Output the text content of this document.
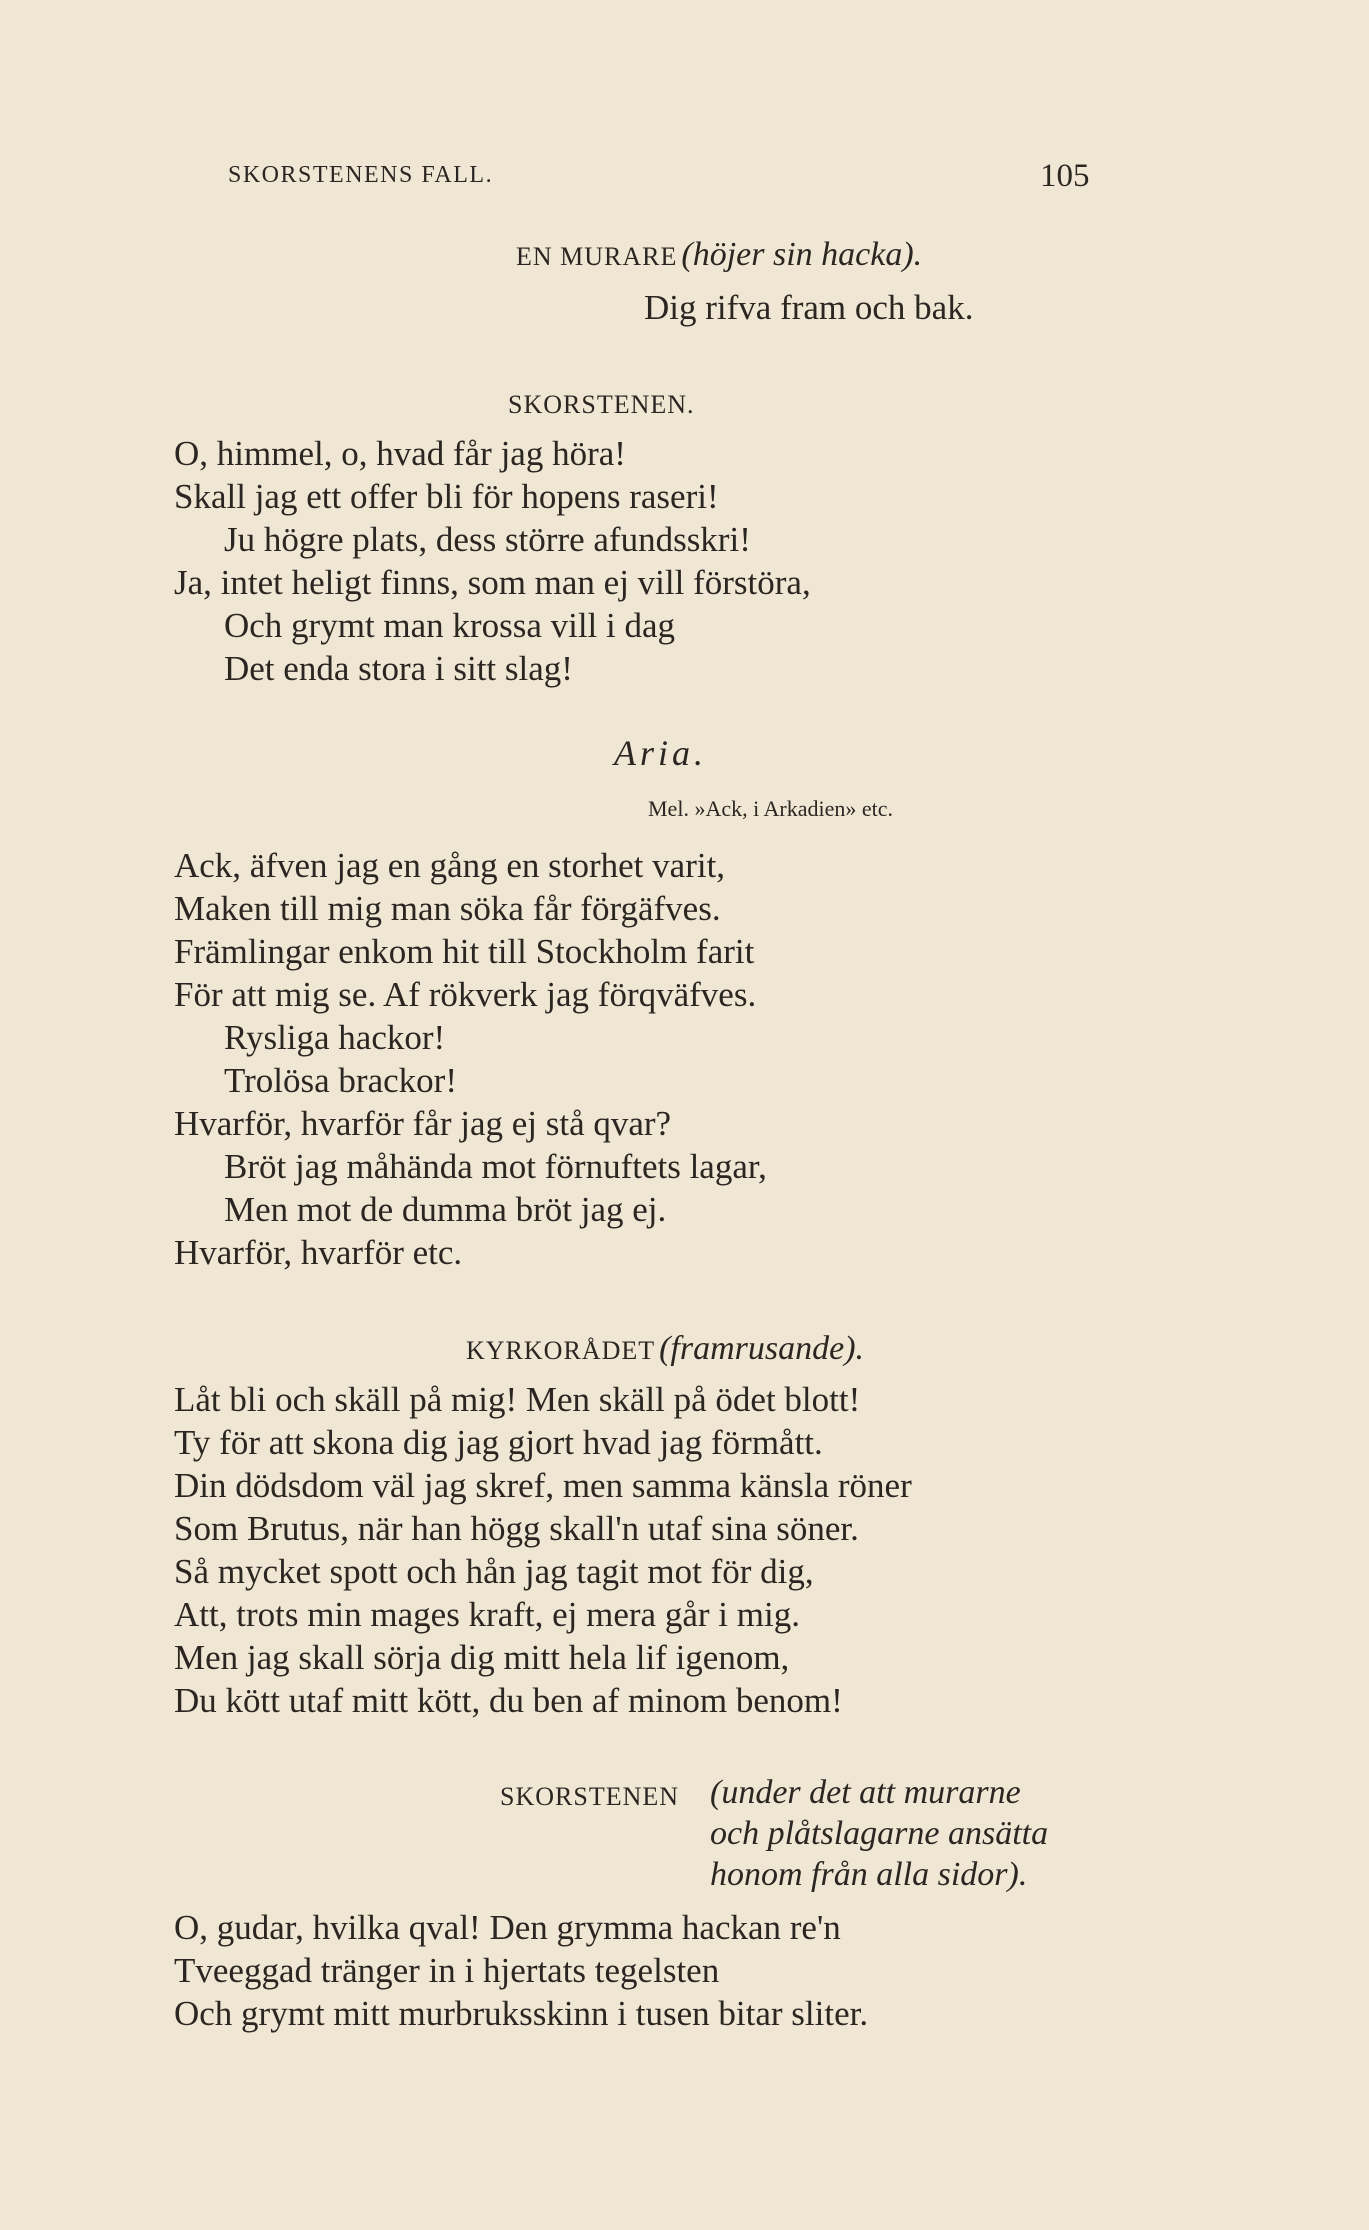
SKORSTENENS FALL.	105
EN MURARE (höjer sin hacka).
Dig rifva fram och bak.
SKORSTENEN.
O, himmel, o, hvad får jag höra!
Skall jag ett offer bli för hopens raseri!
Ju högre plats, dess större afundsskri!
Ja, intet heligt finns, som man ej vill förstöra,
Och grymt man krossa vill i dag
Det enda stora i sitt slag!
Aria.
Mel. »Ack, i Arkadien» etc.
Ack, äfven jag en gång en storhet varit,
Maken till mig man söka får förgäfves.
Främlingar enkom hit till Stockholm farit
För att mig se. Af rökverk jag förqväfves.
Rysliga hackor!
Trolösa brackor!
Hvarför, hvarför får jag ej stå qvar?
Bröt jag måhända mot förnuftets lagar,
Men mot de dumma bröt jag ej.
Hvarför, hvarför etc.
KYRKORÅDET (framrusande).
Låt bli och skäll på mig! Men skäll på ödet blott!
Ty för att skona dig jag gjort hvad jag förmått.
Din dödsdom väl jag skref, men samma känsla röner
Som Brutus, när han högg skall'n utaf sina söner.
Så mycket spott och hån jag tagit mot för dig,
Att, trots min mages kraft, ej mera går i mig.
Men jag skall sörja dig mitt hela lif igenom,
Du kött utaf mitt kött, du ben af minom benom!
SKORSTENEN (under det att murarne
och plåtslagarne ansätta
honom från alla sidor).
O, gudar, hvilka qval! Den grymma hackan re'n
Tveeggad tränger in i hjertats tegelsten
Och grymt mitt murbruksskinn i tusen bitar sliter.
